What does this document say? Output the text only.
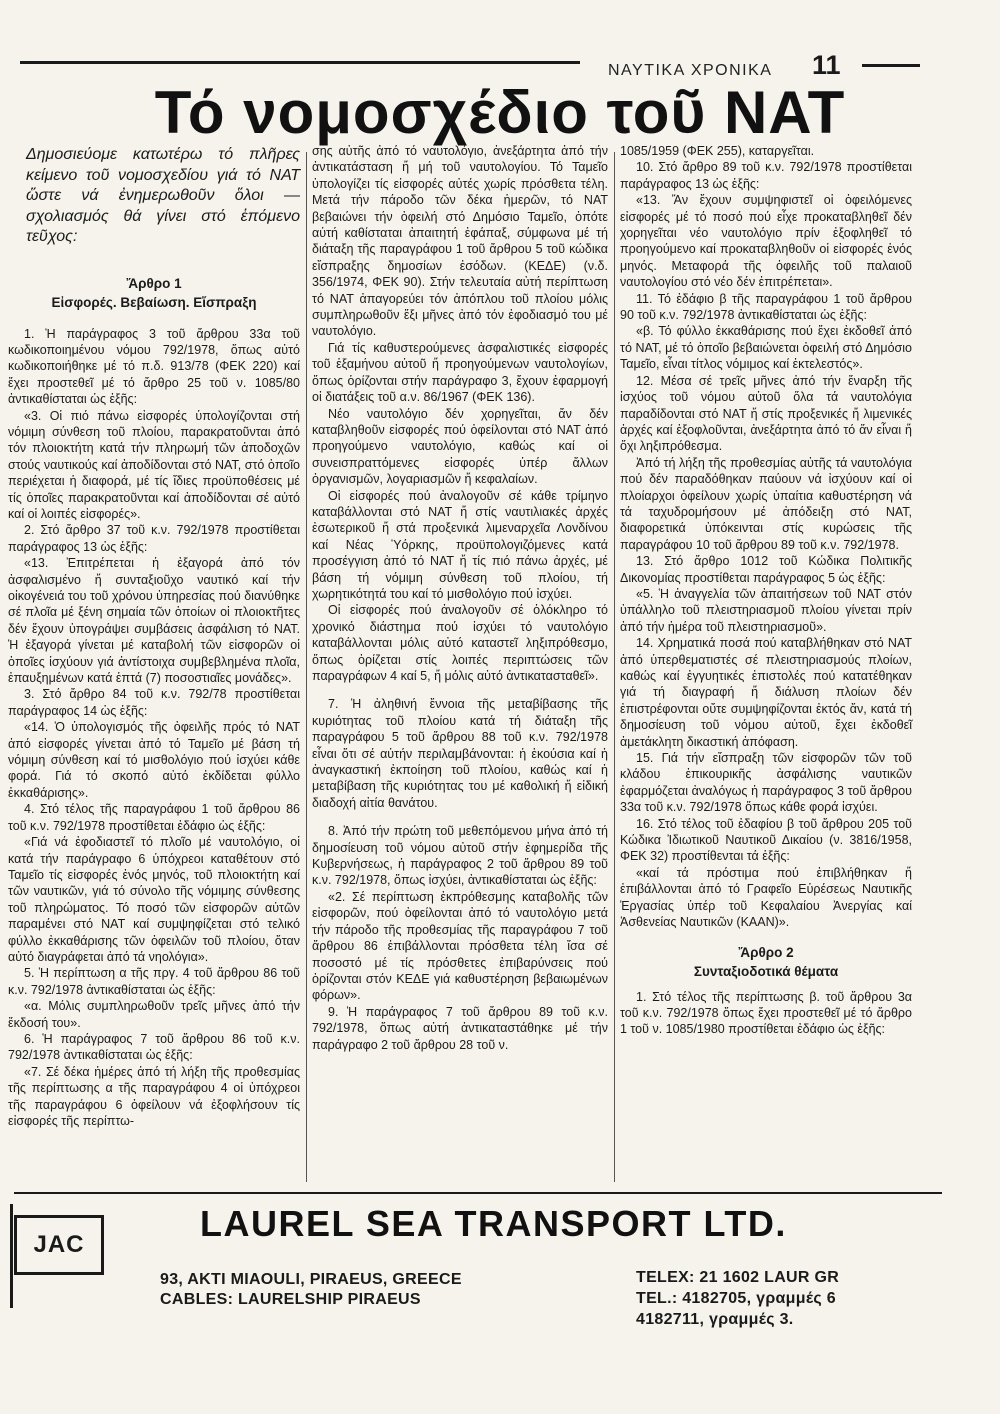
ΝΑΥΤΙΚΑ ΧΡΟΝΙΚΑ 11
Τό νομοσχέδιο τοῦ ΝΑΤ

Δημοσιεύομε κατωτέρω τό πλῆρες κείμενο τοῦ νομοσχεδίου γιά τό ΝΑΤ ὥστε νά ἐνημερωθοῦν ὅλοι — σχολιασμός θά γίνει στό ἑπόμενο τεῦχος:

Ἄρθρο 1
Εἰσφορές. Βεβαίωση. Εἴσπραξη

1. Ἡ παράγραφος 3 τοῦ ἄρθρου 33α τοῦ κωδικοποιημένου νόμου 792/1978, ὅπως αὐτό κωδικοποιήθηκε μέ τό π.δ. 913/78 (ΦΕΚ 220) καί ἔχει προστεθεῖ μέ τό ἄρθρο 25 τοῦ ν. 1085/80 ἀντικαθίσταται ὡς ἑξῆς:

«3. Οἱ πιό πάνω εἰσφορές ὑπολογίζονται στή νόμιμη σύνθεση τοῦ πλοίου, παρακρατοῦνται ἀπό τόν πλοιοκτήτη κατά τήν πληρωμή τῶν ἀποδοχῶν στούς ναυτικούς καί ἀποδίδονται στό ΝΑΤ, στό ὁποῖο περιέχεται ἡ διαφορά, μέ τίς ἴδιες προϋποθέσεις μέ τίς ὁποῖες παρακρατοῦνται καί ἀποδίδονται σέ αὐτό καί οἱ λοιπές εἰσφορές».

2. Στό ἄρθρο 37 τοῦ κ.ν. 792/1978 προστίθεται παράγραφος 13 ὡς ἑξῆς:

«13. Ἐπιτρέπεται ἡ ἐξαγορά ἀπό τόν ἀσφαλισμένο ἤ συνταξιοῦχο ναυτικό καί τήν οἰκογένειά του τοῦ χρόνου ὑπηρεσίας πού διανύθηκε σέ πλοῖα μέ ξένη σημαία τῶν ὁποίων οἱ πλοιοκτῆτες δέν ἔχουν ὑπογράψει συμβάσεις ἀσφάλιση τό ΝΑΤ. Ἡ ἐξαγορά γίνεται μέ καταβολή τῶν εἰσφορῶν οἱ ὁποῖες ἰσχύουν γιά ἀντίστοιχα συμβεβλημένα πλοῖα, ἐπαυξημένων κατά ἑπτά (7) ποσοστιαῖες μονάδες».

3. Στό ἄρθρο 84 τοῦ κ.ν. 792/78 προστίθεται παράγραφος 14 ὡς ἑξῆς:

«14. Ὁ ὑπολογισμός τῆς ὀφειλῆς πρός τό ΝΑΤ ἀπό εἰσφορές γίνεται ἀπό τό Ταμεῖο μέ βάση τή νόμιμη σύνθεση καί τό μισθολόγιο πού ἰσχύει κάθε φορά. Γιά τό σκοπό αὐτό ἐκδίδεται φύλλο ἐκκαθάρισης».

4. Στό τέλος τῆς παραγράφου 1 τοῦ ἄρθρου 86 τοῦ κ.ν. 792/1978 προστίθεται ἐδάφιο ὡς ἑξῆς:

«Γιά νά ἐφοδιαστεῖ τό πλοῖο μέ ναυτολόγιο, οἱ κατά τήν παράγραφο 6 ὑπόχρεοι καταθέτουν στό Ταμεῖο τίς εἰσφορές ἑνός μηνός, τοῦ πλοιοκτήτη καί τῶν ναυτικῶν, γιά τό σύνολο τῆς νόμιμης σύνθεσης τοῦ πληρώματος. Τό ποσό τῶν εἰσφορῶν αὐτῶν παραμένει στό ΝΑΤ καί συμψηφίζεται στό τελικό φύλλο ἐκκαθάρισης τῶν ὀφειλῶν τοῦ πλοίου, ὅταν αὐτό διαγράφεται ἀπό τά νηολόγια».

5. Ἡ περίπτωση α τῆς πργ. 4 τοῦ ἄρθρου 86 τοῦ κ.ν. 792/1978 ἀντικαθίσταται ὡς ἑξῆς:

«α. Μόλις συμπληρωθοῦν τρεῖς μῆνες ἀπό τήν ἔκδοσή του».

6. Ἡ παράγραφος 7 τοῦ ἄρθρου 86 τοῦ κ.ν. 792/1978 ἀντικαθίσταται ὡς ἑξῆς:

«7. Σέ δέκα ἡμέρες ἀπό τή λήξη τῆς προθεσμίας τῆς περίπτωσης α τῆς παραγράφου 4 οἱ ὑπόχρεοι τῆς παραγράφου 6 ὀφείλουν νά ἐξοφλήσουν τίς εἰσφορές τῆς περίπτω-

σης αὐτῆς ἀπό τό ναυτολόγιο, ἀνεξάρτητα ἀπό τήν ἀντικατάσταση ἤ μή τοῦ ναυτολογίου. Τό Ταμεῖο ὑπολογίζει τίς εἰσφορές αὐτές χωρίς πρόσθετα τέλη. Μετά τήν πάροδο τῶν δέκα ἡμερῶν, τό ΝΑΤ βεβαιώνει τήν ὀφειλή στό Δημόσιο Ταμεῖο, ὁπότε αὐτή καθίσταται ἀπαιτητή ἐφάπαξ, σύμφωνα μέ τή διάταξη τῆς παραγράφου 1 τοῦ ἄρθρου 5 τοῦ κώδικα εἴσπραξης δημοσίων ἐσόδων. (ΚΕΔΕ) (ν.δ. 356/1974, ΦΕΚ 90). Στήν τελευταία αὐτή περίπτωση τό ΝΑΤ ἀπαγορεύει τόν ἀπόπλου τοῦ πλοίου μόλις συμπληρωθοῦν ἕξι μῆνες ἀπό τόν ἐφοδιασμό του μέ ναυτολόγιο.

Γιά τίς καθυστερούμενες ἀσφαλιστικές εἰσφορές τοῦ ἑξαμήνου αὐτοῦ ἤ προηγούμενων ναυτολογίων, ὅπως ὁρίζονται στήν παράγραφο 3, ἔχουν ἐφαρμογή οἱ διατάξεις τοῦ α.ν. 86/1967 (ΦΕΚ 136).

Νέο ναυτολόγιο δέν χορηγεῖται, ἄν δέν καταβληθοῦν εἰσφορές πού ὀφείλονται στό ΝΑΤ ἀπό προηγούμενο ναυτολόγιο, καθώς καί οἱ συνεισπραττόμενες εἰσφορές ὑπέρ ἄλλων ὀργανισμῶν, λογαριασμῶν ἤ κεφαλαίων.

Οἱ εἰσφορές πού ἀναλογοῦν σέ κάθε τρίμηνο καταβάλλονται στό ΝΑΤ ἤ στίς ναυτιλιακές ἀρχές ἐσωτερικοῦ ἤ στά προξενικά λιμεναρχεῖα Λονδίνου καί Νέας Ὑόρκης, προϋπολογιζόμενες κατά προσέγγιση ἀπό τό ΝΑΤ ἤ τίς πιό πάνω ἀρχές, μέ βάση τή νόμιμη σύνθεση τοῦ πλοίου, τή χωρητικότητά του καί τό μισθολόγιο πού ἰσχύει.

Οἱ εἰσφορές πού ἀναλογοῦν σέ ὁλόκληρο τό χρονικό διάστημα πού ἰσχύει τό ναυτολόγιο καταβάλλονται μόλις αὐτό καταστεῖ ληξιπρόθεσμο, ὅπως ὁρίζεται στίς λοιπές περιπτώσεις τῶν παραγράφων 4 καί 5, ἤ μόλις αὐτό ἀντικατασταθεῖ».

7. Ἡ ἀληθινή ἔννοια τῆς μεταβίβασης τῆς κυριότητας τοῦ πλοίου κατά τή διάταξη τῆς παραγράφου 5 τοῦ ἄρθρου 88 τοῦ κ.ν. 792/1978 εἶναι ὅτι σέ αὐτήν περιλαμβάνονται: ἡ ἑκούσια καί ἡ ἀναγκαστική ἐκποίηση τοῦ πλοίου, καθώς καί ἡ μεταβίβαση τῆς κυριότητας του μέ καθολική ἤ εἰδική διαδοχή αἰτία θανάτου.

8. Ἀπό τήν πρώτη τοῦ μεθεπόμενου μήνα ἀπό τή δημοσίευση τοῦ νόμου αὐτοῦ στήν ἐφημερίδα τῆς Κυβερνήσεως, ἡ παράγραφος 2 τοῦ ἄρθρου 89 τοῦ κ.ν. 792/1978, ὅπως ἰσχύει, ἀντικαθίσταται ὡς ἑξῆς:

«2. Σέ περίπτωση ἐκπρόθεσμης καταβολῆς τῶν εἰσφορῶν, πού ὀφείλονται ἀπό τό ναυτολόγιο μετά τήν πάροδο τῆς προθεσμίας τῆς παραγράφου 7 τοῦ ἄρθρου 86 ἐπιβάλλονται πρόσθετα τέλη ἴσα σέ ποσοστό μέ τίς πρόσθετες ἐπιβαρύνσεις πού ὁρίζονται στόν ΚΕΔΕ γιά καθυστέρηση βεβαιωμένων φόρων».

9. Ἡ παράγραφος 7 τοῦ ἄρθρου 89 τοῦ κ.ν. 792/1978, ὅπως αὐτή ἀντικαταστάθηκε μέ τήν παράγραφο 2 τοῦ ἄρθρου 28 τοῦ ν.

1085/1959 (ΦΕΚ 255), καταργεῖται.

10. Στό ἄρθρο 89 τοῦ κ.ν. 792/1978 προστίθεται παράγραφος 13 ὡς ἑξῆς:

«13. Ἄν ἔχουν συμψηφιστεῖ οἱ ὀφειλόμενες εἰσφορές μέ τό ποσό πού εἶχε προκαταβληθεῖ δέν χορηγεῖται νέο ναυτολόγιο πρίν ἐξοφληθεῖ τό προηγούμενο καί προκαταβληθοῦν οἱ εἰσφορές ἑνός μηνός. Μεταφορά τῆς ὀφειλῆς τοῦ παλαιοῦ ναυτολογίου στό νέο δέν ἐπιτρέπεται».

11. Τό ἐδάφιο β τῆς παραγράφου 1 τοῦ ἄρθρου 90 τοῦ κ.ν. 792/1978 ἀντικαθίσταται ὡς ἑξῆς:

«β. Τό φύλλο ἐκκαθάρισης πού ἔχει ἐκδοθεῖ ἀπό τό ΝΑΤ, μέ τό ὁποῖο βεβαιώνεται ὀφειλή στό Δημόσιο Ταμεῖο, εἶναι τίτλος νόμιμος καί ἐκτελεστός».

12. Μέσα σέ τρεῖς μῆνες ἀπό τήν ἔναρξη τῆς ἰσχύος τοῦ νόμου αὐτοῦ ὅλα τά ναυτολόγια παραδίδονται στό ΝΑΤ ἤ στίς προξενικές ἤ λιμενικές ἀρχές καί ἐξοφλοῦνται, ἀνεξάρτητα ἀπό τό ἄν εἶναι ἤ ὄχι ληξιπρόθεσμα.

Ἀπό τή λήξη τῆς προθεσμίας αὐτῆς τά ναυτολόγια πού δέν παραδόθηκαν παύουν νά ἰσχύουν καί οἱ πλοίαρχοι ὀφείλουν χωρίς ὑπαίτια καθυστέρηση νά τά ταχυδρομήσουν μέ ἀπόδειξη στό ΝΑΤ, διαφορετικά ὑπόκεινται στίς κυρώσεις τῆς παραγράφου 10 τοῦ ἄρθρου 89 τοῦ κ.ν. 792/1978.

13. Στό ἄρθρο 1012 τοῦ Κώδικα Πολιτικῆς Δικονομίας προστίθεται παράγραφος 5 ὡς ἑξῆς:

«5. Ἡ ἀναγγελία τῶν ἀπαιτήσεων τοῦ ΝΑΤ στόν ὑπάλληλο τοῦ πλειστηριασμοῦ πλοίου γίνεται πρίν ἀπό τήν ἡμέρα τοῦ πλειστηριασμοῦ».

14. Χρηματικά ποσά πού καταβλήθηκαν στό ΝΑΤ ἀπό ὑπερθεματιστές σέ πλειστηριασμούς πλοίων, καθώς καί ἐγγυητικές ἐπιστολές πού κατατέθηκαν γιά τή διαγραφή ἤ διάλυση πλοίων δέν ἐπιστρέφονται οὔτε συμψηφίζονται ἐκτός ἄν, κατά τή δημοσίευση τοῦ νόμου αὐτοῦ, ἔχει ἐκδοθεῖ ἀμετάκλητη δικαστική ἀπόφαση.

15. Γιά τήν εἴσπραξη τῶν εἰσφορῶν τῶν τοῦ κλάδου ἐπικουρικῆς ἀσφάλισης ναυτικῶν ἐφαρμόζεται ἀναλόγως ἡ παράγραφος 3 τοῦ ἄρθρου 33α τοῦ κ.ν. 792/1978 ὅπως κάθε φορά ἰσχύει.

16. Στό τέλος τοῦ ἐδαφίου β τοῦ ἄρθρου 205 τοῦ Κώδικα Ἰδιωτικοῦ Ναυτικοῦ Δικαίου (ν. 3816/1958, ΦΕΚ 32) προστίθενται τά ἑξῆς:

«καί τά πρόστιμα πού ἐπιβλήθηκαν ἤ ἐπιβάλλονται ἀπό τό Γραφεῖο Εὑρέσεως Ναυτικῆς Ἐργασίας ὑπέρ τοῦ Κεφαλαίου Ἀνεργίας καί Ἀσθενείας Ναυτικῶν (ΚΑΑΝ)».

Ἄρθρο 2
Συνταξιοδοτικά θέματα

1. Στό τέλος τῆς περίπτωσης β. τοῦ ἄρθρου 3α τοῦ κ.ν. 792/1978 ὅπως ἔχει προστεθεῖ μέ τό ἄρθρο 1 τοῦ ν. 1085/1980 προστίθεται ἐδάφιο ὡς ἑξῆς:

JAC
LAUREL SEA TRANSPORT LTD.
93, AKTI MIAOULI, PIRAEUS, GREECE
CABLES: LAURELSHIP PIRAEUS
TELEX: 21 1602 LAUR GR
TEL.: 4182705, γραμμές 6
4182711, γραμμές 3.
